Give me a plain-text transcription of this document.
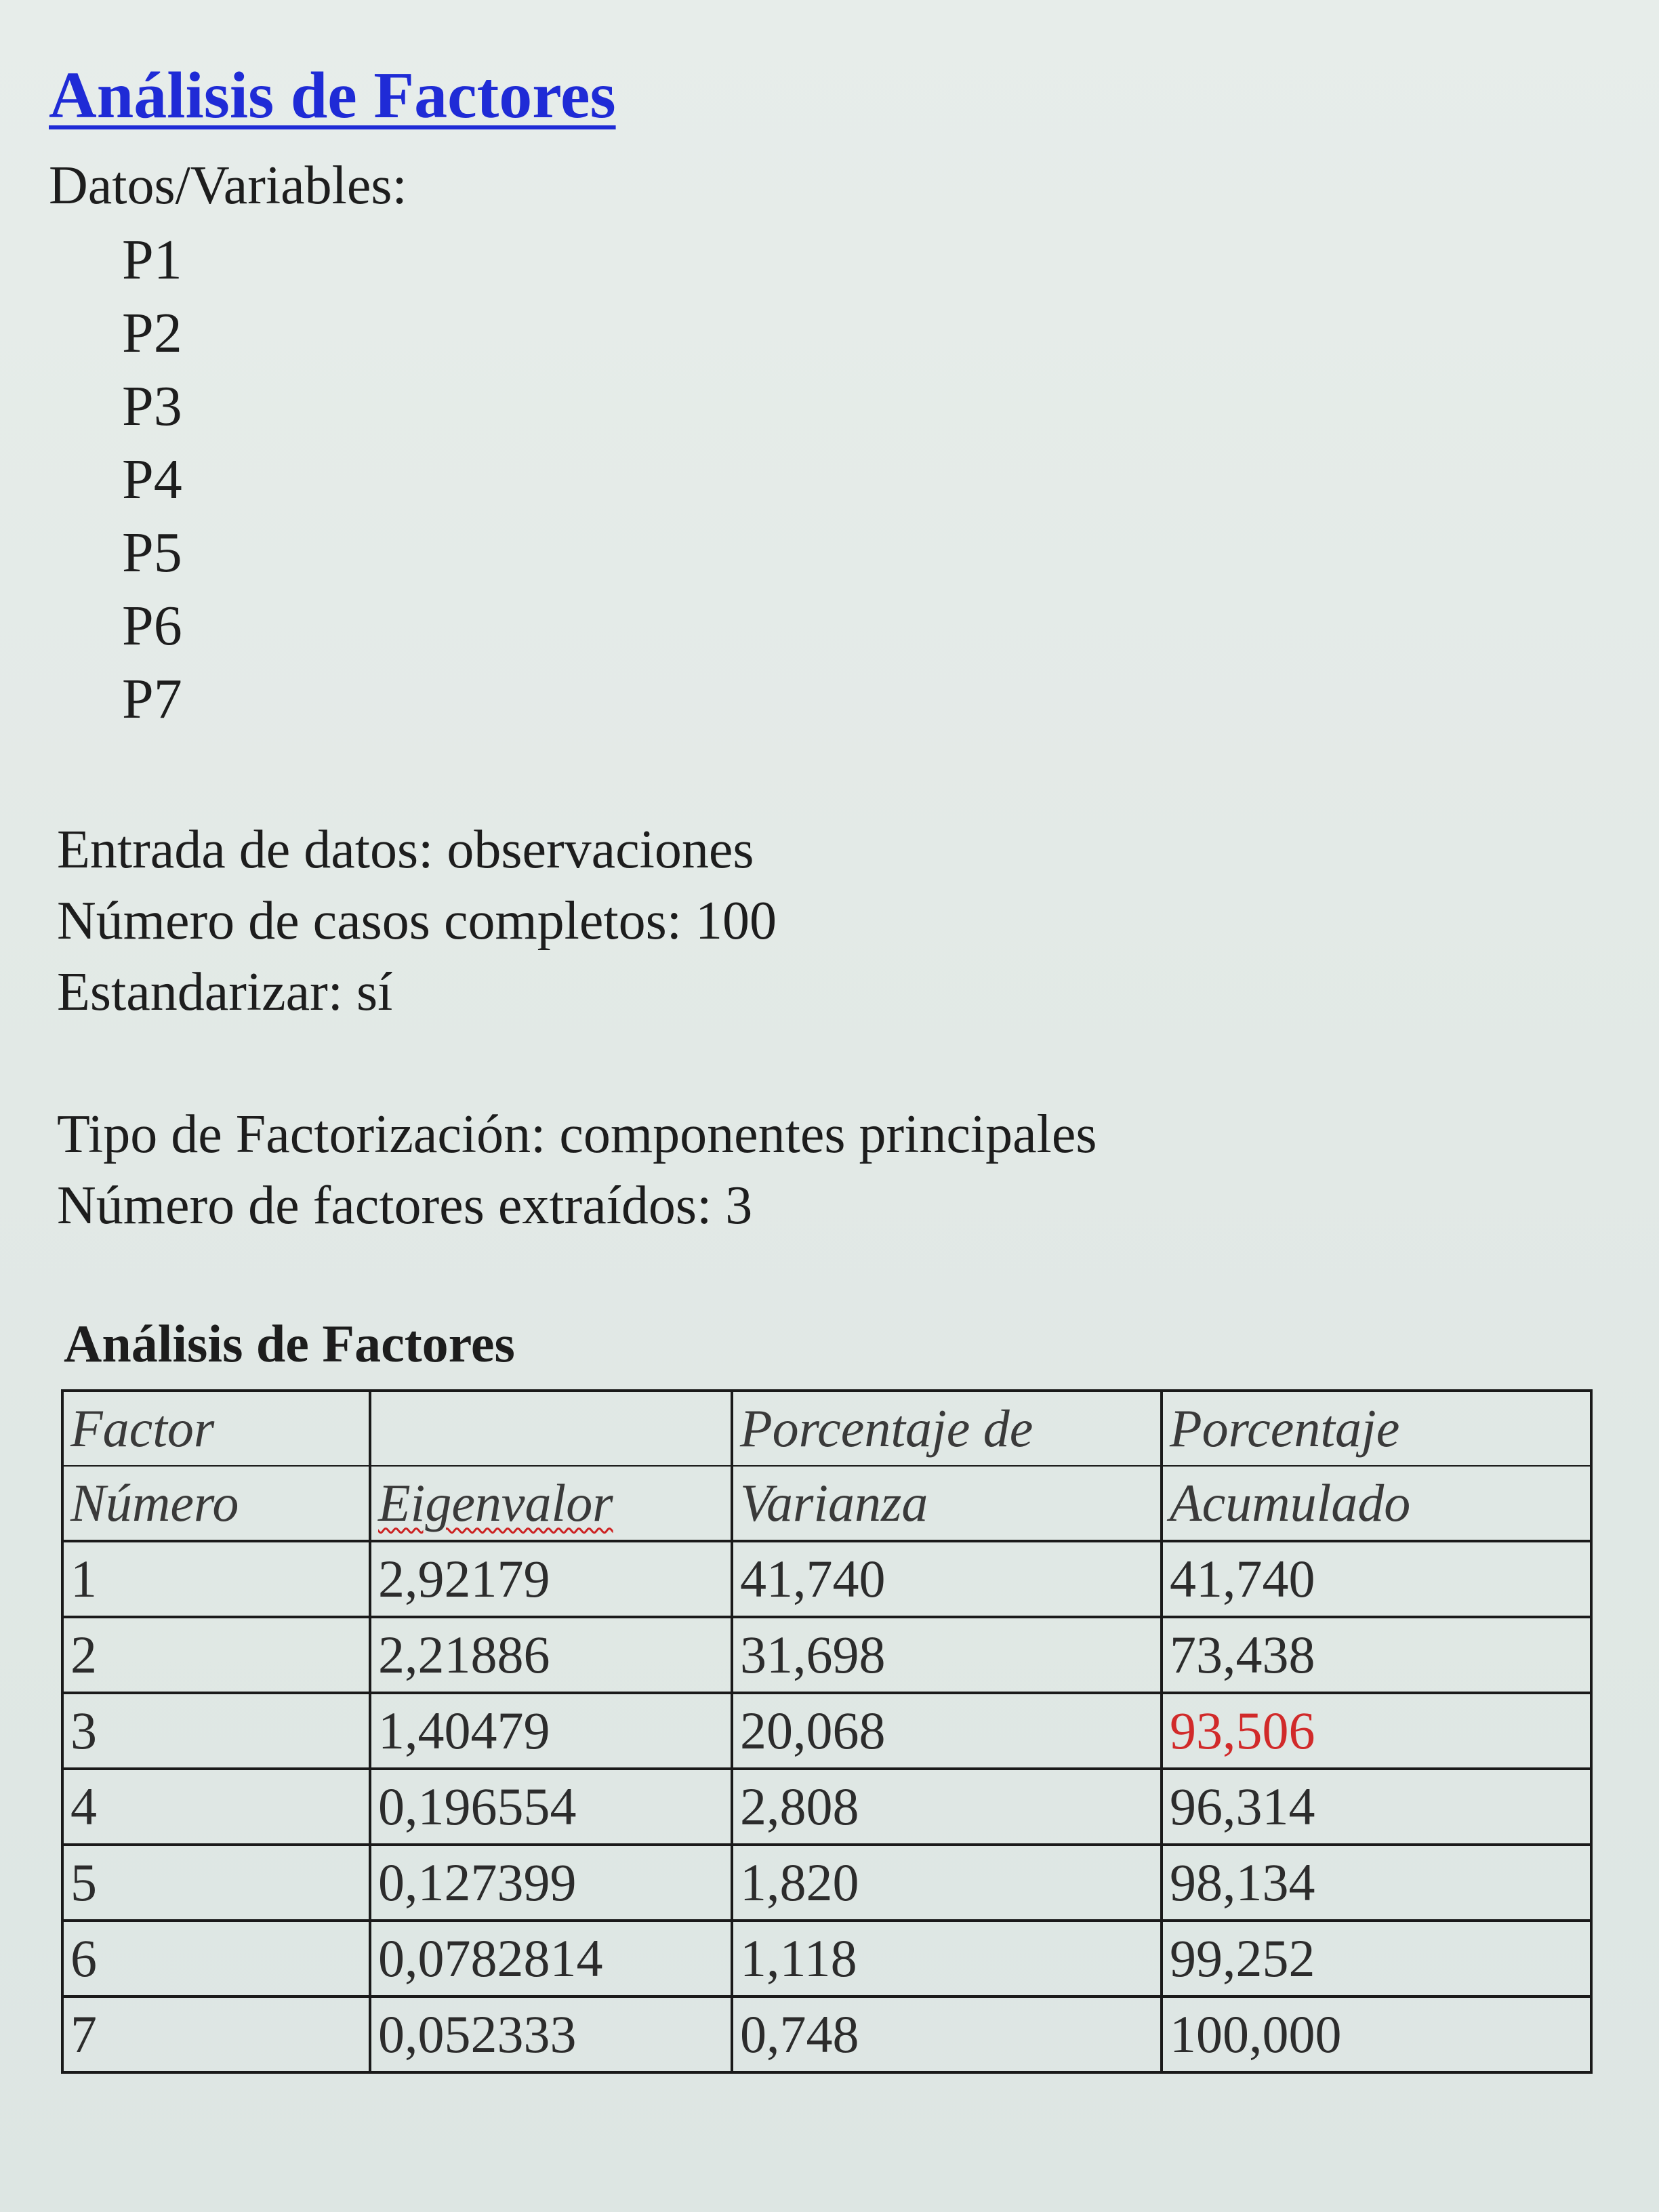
Análisis de Factores
Datos/Variables:
P1
P2
P3
P4
P5
P6
P7
Entrada de datos: observaciones
Número de casos completos: 100
Estandarizar: sí
Tipo de Factorización: componentes principales
Número de factores extraídos: 3
Análisis de Factores
Factor		Porcentaje de	Porcentaje
Número	Eigenvalor	Varianza	Acumulado
1	2,92179	41,740	41,740
2	2,21886	31,698	73,438
3	1,40479	20,068	93,506
4	0,196554	2,808	96,314
5	0,127399	1,820	98,134
6	0,0782814	1,118	99,252
7	0,052333	0,748	100,000
